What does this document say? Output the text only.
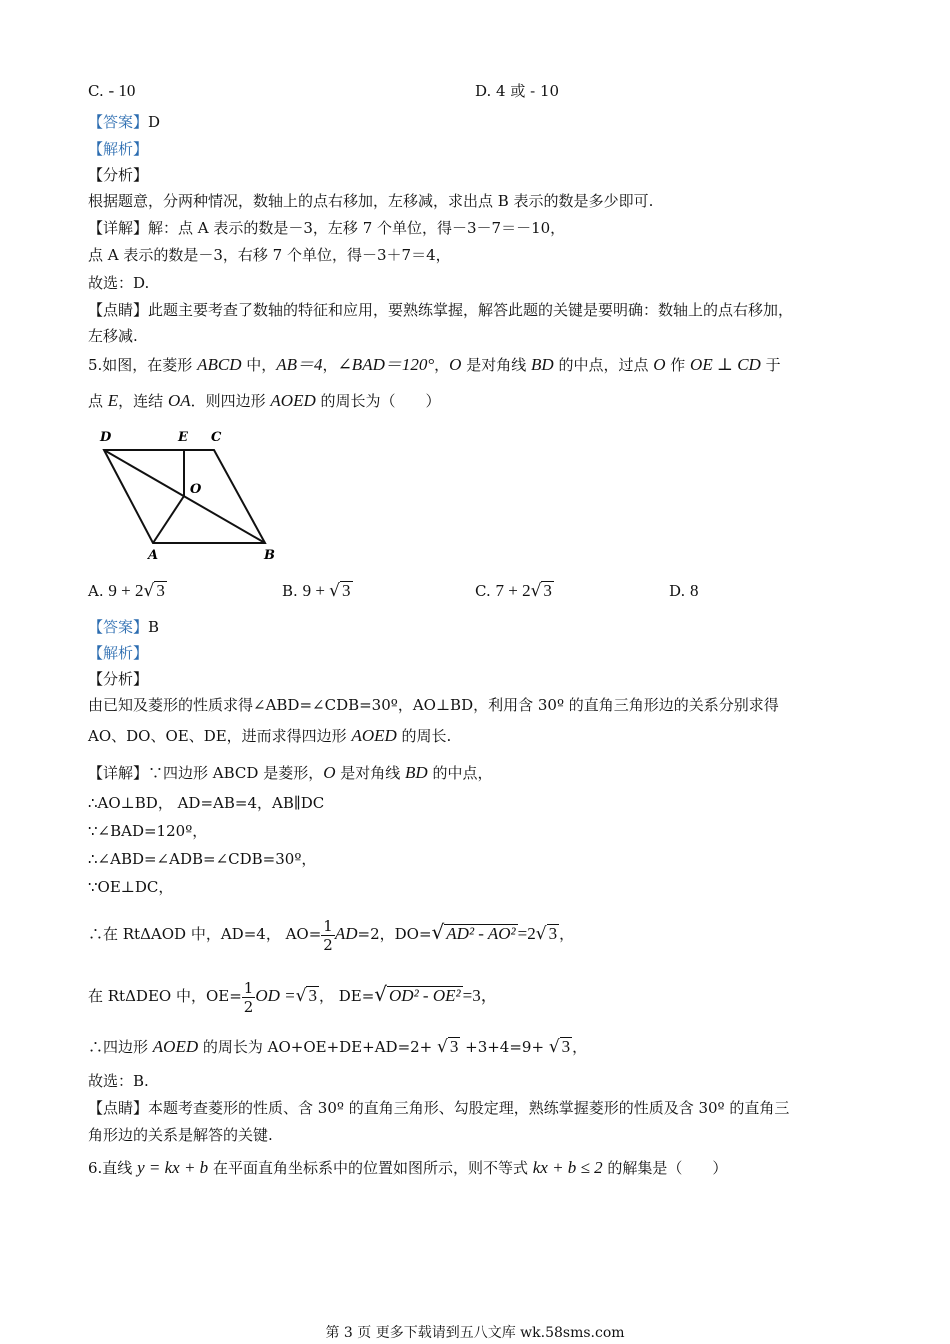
C. - 10	D. 4 或 - 10
【答案】D
【解析】
【分析】
根据题意，分两种情况，数轴上的点右移加，左移减，求出点 B 表示的数是多少即可.
【详解】解：点 A 表示的数是－3，左移 7 个单位，得－3－7＝－10，
点 A 表示的数是－3，右移 7 个单位，得－3＋7＝4，
故选：D.
【点睛】此题主要考查了数轴的特征和应用，要熟练掌握，解答此题的关键是要明确：数轴上的点右移加，
左移减.
5.如图，在菱形 ABCD 中，AB＝4，∠BAD＝120°，O 是对角线 BD 的中点，过点 O 作 OE ⊥ CD 于
点 E，连结 OA．则四边形 AOED 的周长为（　　）
D	E C
O
A	B
A. 9 + 2√ 3	B. 9 + √ 3	C. 7 + 2√ 3	D. 8
【答案】B
【解析】
【分析】
由已知及菱形的性质求得∠ABD=∠CDB=30º，AO⊥BD，利用含 30º 的直角三角形边的关系分别求得
AO、DO、OE、DE，进而求得四边形 AOED 的周长.
【详解】∵四边形 ABCD 是菱形，O 是对角线 BD 的中点，
∴AO⊥BD， AD=AB=4，AB∥DC
∵∠BAD=120º，
∴∠ABD=∠ADB=∠CDB=30º，
∵OE⊥DC，
∴在 RtΔAOD 中，AD=4， $AO= \frac{1}{2} AD=2$，DO=√ AD² - AO² =2√ 3 ，
在 RtΔDEO 中，$OE= \frac{1}{2}$ OD =√ 3 ， DE=√ OD² - OE² =3，
∴四边形 AOED 的周长为 AO+OE+DE+AD=2+ √ 3 +3+4=9+ √ 3 ，
故选：B.
【点睛】本题考查菱形的性质、含 30º 的直角三角形、勾股定理，熟练掌握菱形的性质及含 30º 的直角三
角形边的关系是解答的关键.
6.直线 y = kx + b 在平面直角坐标系中的位置如图所示，则不等式 kx + b ≤ 2 的解集是（　　）
第 3 页 更多下载请到五八文库 wk.58sms.com
